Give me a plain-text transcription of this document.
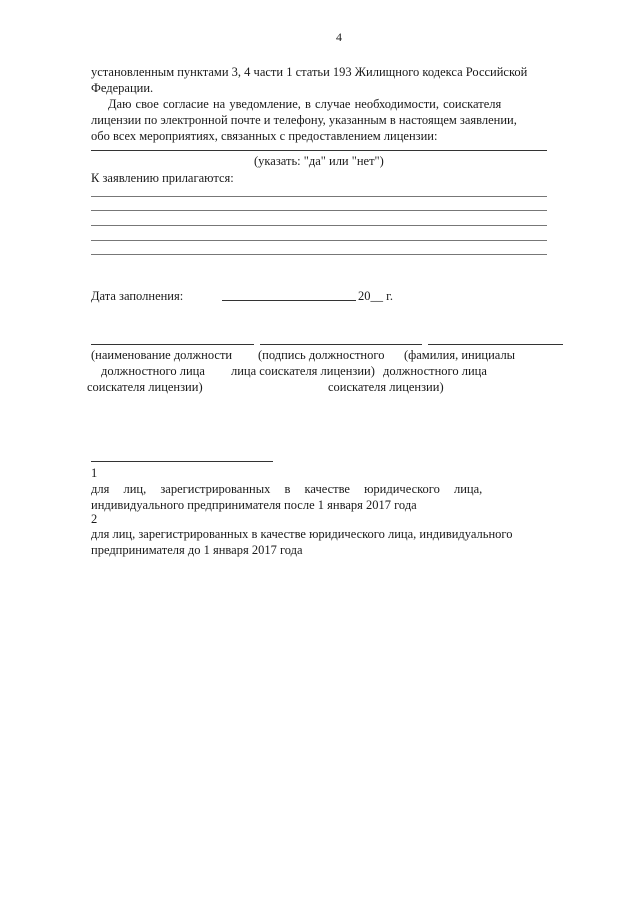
4
установленным пунктами 3, 4 части 1 статьи 193 Жилищного кодекса Российской
Федерации.
Даю свое согласие на уведомление, в случае необходимости, соискателя
лицензии по электронной почте и телефону, указанным в настоящем заявлении,
обо всех мероприятиях, связанных с предоставлением лицензии:
(указать: "да" или "нет")
К заявлению прилагаются:
Дата заполнения:	20__ г.
(наименование должности
должностного лица
соискателя лицензии)
(подпись должностного
лица соискателя лицензии)
(фамилия, инициалы
должностного лица
соискателя лицензии)
1
для лиц, зарегистрированных в качестве юридического лица,
индивидуального предпринимателя после 1 января 2017 года
2
для лиц, зарегистрированных в качестве юридического лица, индивидуального
предпринимателя до 1 января 2017 года
